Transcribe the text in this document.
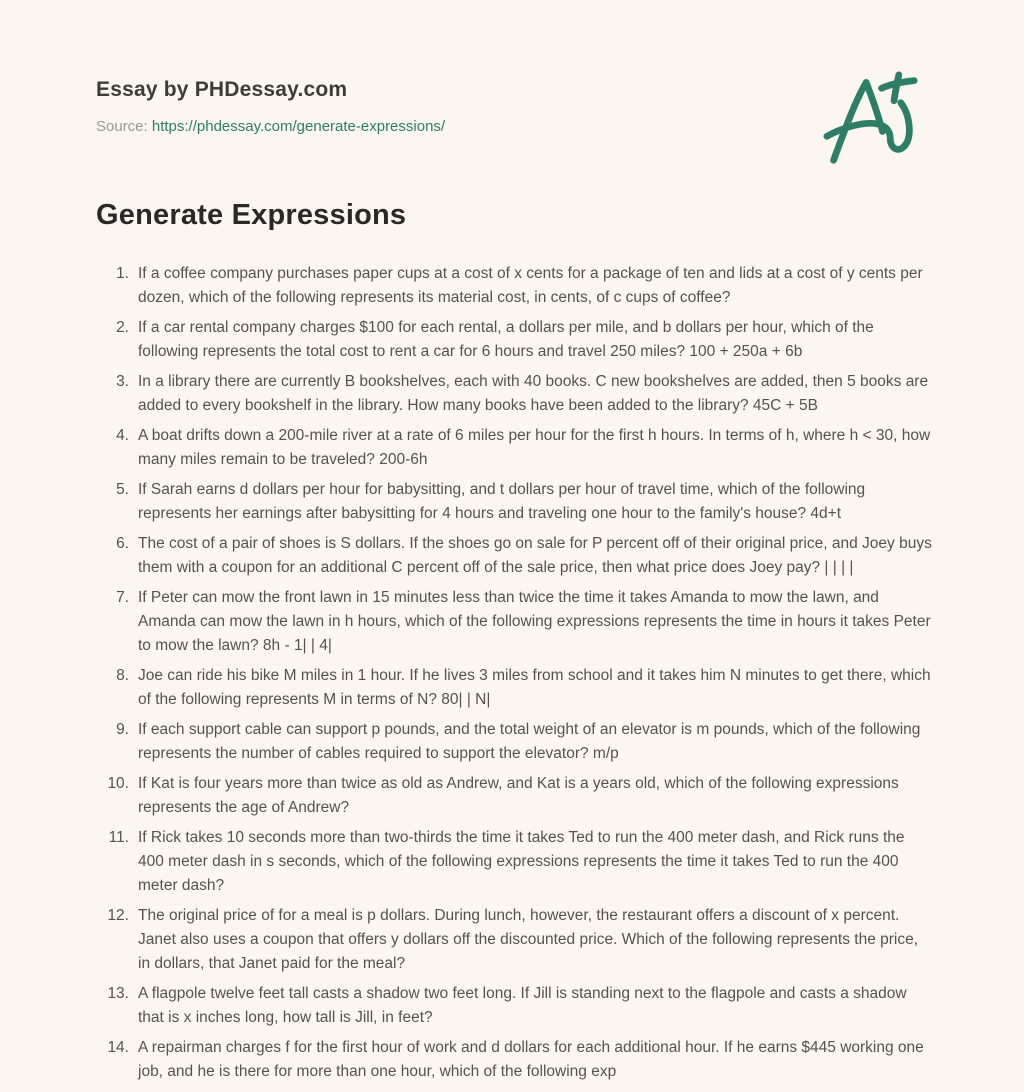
Essay by PHDessay.com
Source: https://phdessay.com/generate-expressions/
Generate Expressions
1. If a coffee company purchases paper cups at a cost of x cents for a package of ten and lids at a cost of y cents per dozen, which of the following represents its material cost, in cents, of c cups of coffee?
2. If a car rental company charges $100 for each rental, a dollars per mile, and b dollars per hour, which of the following represents the total cost to rent a car for 6 hours and travel 250 miles? 100 + 250a + 6b
3. In a library there are currently B bookshelves, each with 40 books. C new bookshelves are added, then 5 books are added to every bookshelf in the library. How many books have been added to the library? 45C + 5B
4. A boat drifts down a 200-mile river at a rate of 6 miles per hour for the first h hours. In terms of h, where h < 30, how many miles remain to be traveled? 200-6h
5. If Sarah earns d dollars per hour for babysitting, and t dollars per hour of travel time, which of the following represents her earnings after babysitting for 4 hours and traveling one hour to the family's house? 4d+t
6. The cost of a pair of shoes is S dollars. If the shoes go on sale for P percent off of their original price, and Joey buys them with a coupon for an additional C percent off of the sale price, then what price does Joey pay? | | | |
7. If Peter can mow the front lawn in 15 minutes less than twice the time it takes Amanda to mow the lawn, and Amanda can mow the lawn in h hours, which of the following expressions represents the time in hours it takes Peter to mow the lawn? 8h - 1| | 4|
8. Joe can ride his bike M miles in 1 hour. If he lives 3 miles from school and it takes him N minutes to get there, which of the following represents M in terms of N? 80| | N|
9. If each support cable can support p pounds, and the total weight of an elevator is m pounds, which of the following represents the number of cables required to support the elevator? m/p
10. If Kat is four years more than twice as old as Andrew, and Kat is a years old, which of the following expressions represents the age of Andrew?
11. If Rick takes 10 seconds more than two-thirds the time it takes Ted to run the 400 meter dash, and Rick runs the 400 meter dash in s seconds, which of the following expressions represents the time it takes Ted to run the 400 meter dash?
12. The original price of for a meal is p dollars. During lunch, however, the restaurant offers a discount of x percent. Janet also uses a coupon that offers y dollars off the discounted price. Which of the following represents the price, in dollars, that Janet paid for the meal?
13. A flagpole twelve feet tall casts a shadow two feet long. If Jill is standing next to the flagpole and casts a shadow that is x inches long, how tall is Jill, in feet?
14. A repairman charges f for the first hour of work and d dollars for each additional hour. If he earns $445 working one job, and he is there for more than one hour, which of the following exp
